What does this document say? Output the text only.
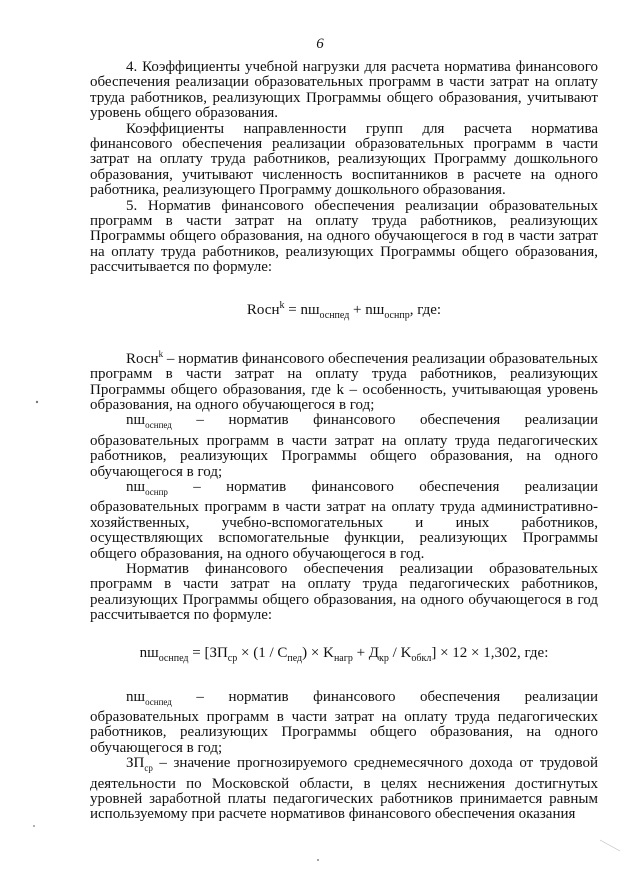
6

4. Коэффициенты учебной нагрузки для расчета норматива финансового обеспечения реализации образовательных программ в части затрат на оплату труда работников, реализующих Программы общего образования, учитывают уровень общего образования.

Коэффициенты направленности групп для расчета норматива финансового обеспечения реализации образовательных программ в части затрат на оплату труда работников, реализующих Программу дошкольного образования, учитывают численность воспитанников в расчете на одного работника, реализующего Программу дошкольного образования.

5. Норматив финансового обеспечения реализации образовательных программ в части затрат на оплату труда работников, реализующих Программы общего образования, на одного обучающегося в год в части затрат на оплату труда работников, реализующих Программы общего образования, рассчитывается по формуле:

Rосн$^k$ = $nш_{оснпед} + nш_{оснпр}$, где:

Rосн$^k$ – норматив финансового обеспечения реализации образовательных программ в части затрат на оплату труда работников, реализующих Программы общего образования, где k – особенность, учитывающая уровень образования, на одного обучающегося в год;

$nш_{оснпед}$ – норматив финансового обеспечения реализации образовательных программ в части затрат на оплату труда педагогических работников, реализующих Программы общего образования, на одного обучающегося в год;

$nш_{оснпр}$ – норматив финансового обеспечения реализации образовательных программ в части затрат на оплату труда административно-хозяйственных, учебно-вспомогательных и иных работников, осуществляющих вспомогательные функции, реализующих Программы общего образования, на одного обучающегося в год.

Норматив финансового обеспечения реализации образовательных программ в части затрат на оплату труда педагогических работников, реализующих Программы общего образования, на одного обучающегося в год рассчитывается по формуле:

$nш_{оснпед} = [ЗП_{ср} \times (1 / C_{пед}) \times K_{нагр} + Д_{кр} / K_{обкл}] \times 12 \times 1,302$, где:

$nш_{оснпед}$ – норматив финансового обеспечения реализации образовательных программ в части затрат на оплату труда педагогических работников, реализующих Программы общего образования, на одного обучающегося в год;

$ЗП_{ср}$ – значение прогнозируемого среднемесячного дохода от трудовой деятельности по Московской области, в целях неснижения достигнутых уровней заработной платы педагогических работников принимается равным используемому при расчете нормативов финансового обеспечения оказания
